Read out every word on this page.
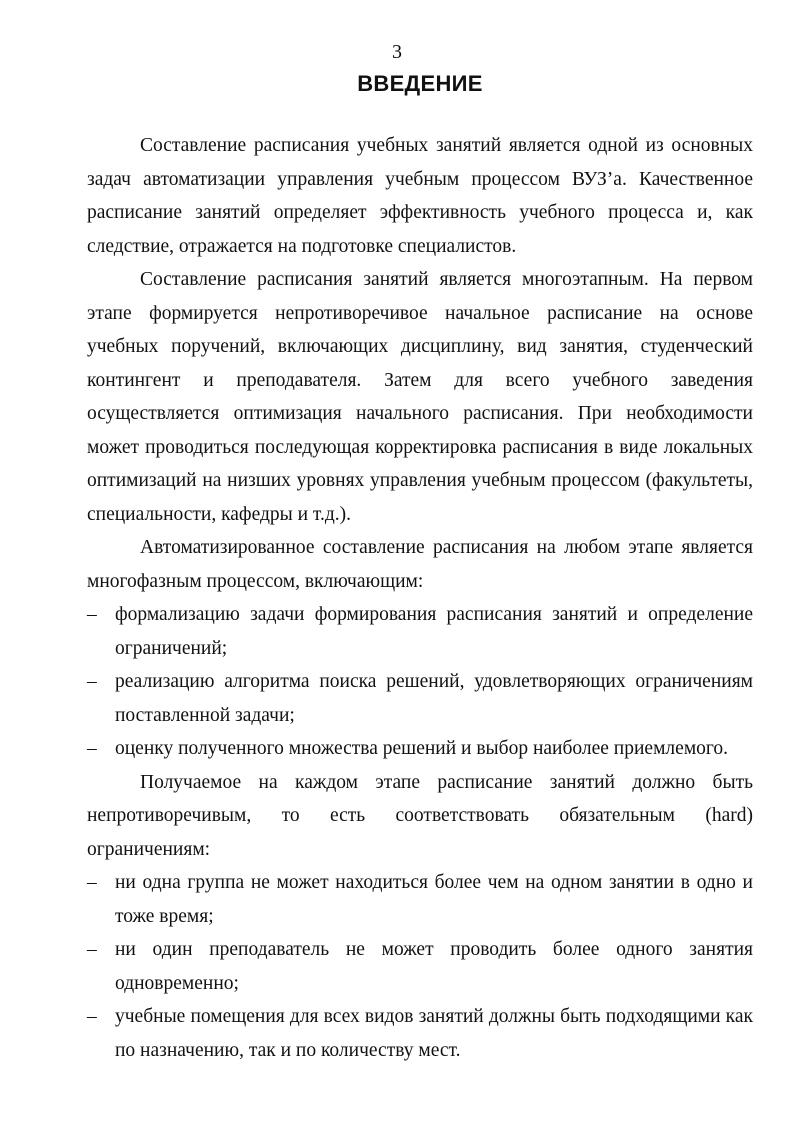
3
ВВЕДЕНИЕ

Составление расписания учебных занятий является одной из основных задач автоматизации управления учебным процессом ВУЗ’а. Качественное расписание занятий определяет эффективность учебного процесса и, как следствие, отражается на подготовке специалистов.

Составление расписания занятий является многоэтапным. На первом этапе формируется непротиворечивое начальное расписание на основе учебных поручений, включающих дисциплину, вид занятия, студенческий контингент и преподавателя. Затем для всего учебного заведения осуществляется оптимизация начального расписания. При необходимости может проводиться последующая корректировка расписания в виде локальных оптимизаций на низших уровнях управления учебным процессом (факультеты, специальности, кафедры и т.д.).

Автоматизированное составление расписания на любом этапе является многофазным процессом, включающим:

– формализацию задачи формирования расписания занятий и определение ограничений;

– реализацию алгоритма поиска решений, удовлетворяющих ограничениям поставленной задачи;

– оценку полученного множества решений и выбор наиболее приемлемого.

Получаемое на каждом этапе расписание занятий должно быть непротиворечивым, то есть соответствовать обязательным (hard) ограничениям:

– ни одна группа не может находиться более чем на одном занятии в одно и тоже время;

– ни один преподаватель не может проводить более одного занятия одновременно;

– учебные помещения для всех видов занятий должны быть подходящими как по назначению, так и по количеству мест.
